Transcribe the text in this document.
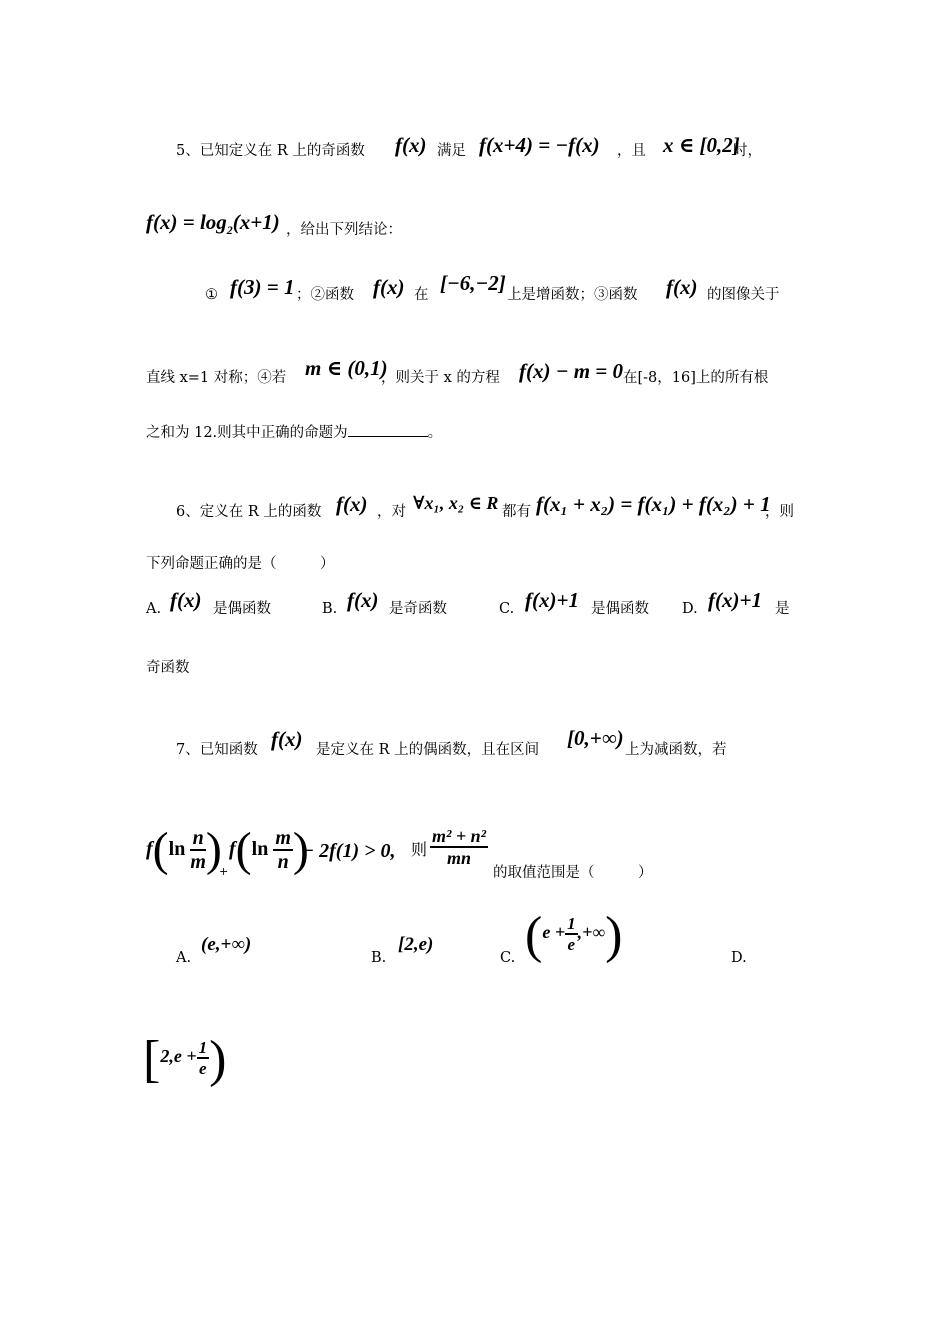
5、已知定义在 R 上的奇函数 f(x) 满足 f(x+4) = −f(x) ，且 x ∈ [0,2]
时，
$f(x) = \log_2(x+1)$ ，给出下列结论：
① f(3) = 1 ；②函数 f(x) 在 [−6,−2] 上是增函数；③函数 f(x) 的图像关于
直线 x=1 对称；④若 m ∈ (0,1)
，则关于 x 的方程 f(x) − m = 0 在[-8，16]上的所有根
之和为 12.则其中正确的命题为	。
6、定义在 R 上的函数 f(x) ，对 ∀x₁, x₂ ∈ R 都有 f(x₁ + x₂) = f(x₁) + f(x₂) + 1
，则
下列命题正确的是（　　　）
A. f(x) 是偶函数	B. f(x) 是奇函数	C. f(x)+1 是偶函数 D. f(x)+1 是
奇函数
7、已知函数 f(x) 是定义在 R 上的偶函数，且在区间 [0,+∞) 上为减函数，若
$f(\ln \frac{n}{m}$ )
+
$f(\ln \frac{m}{n}$ )
− 2f(1) > 0, 则 $\frac{\text{m² + n²}}{mn}$
的取值范围是（　　　）
A.
(e,+∞)
B.
[2,e)
C. ($e + \frac{1}{e}$ ,+∞)	D.
[$2,e + \frac{1}{e}$ )
